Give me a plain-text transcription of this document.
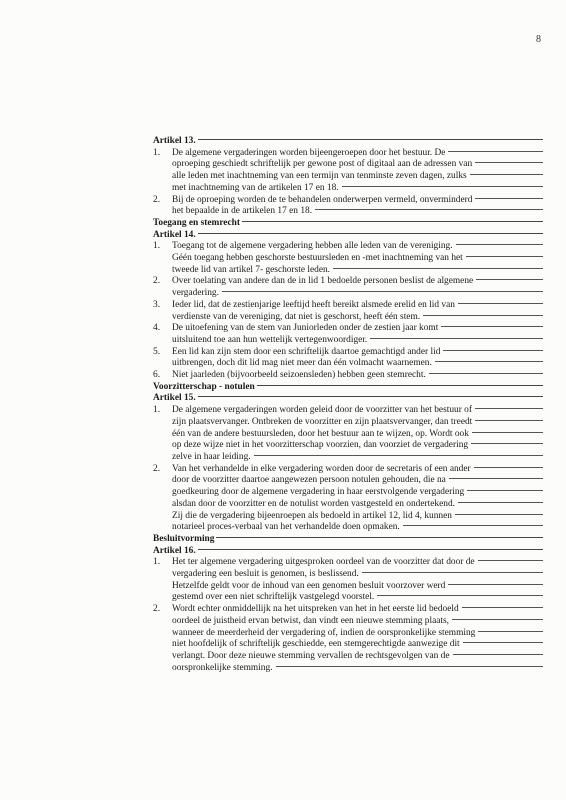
8
Artikel 13.
1.	De algemene vergaderingen worden bijeengeroepen door het bestuur. De
oproeping geschiedt schriftelijk per gewone post of digitaal aan de adressen van
alle leden met inachtneming van een termijn van tenminste zeven dagen, zulks
met inachtneming van de artikelen 17 en 18.
2.	Bij de oproeping worden de te behandelen onderwerpen vermeld, onverminderd
het bepaalde in de artikelen 17 en 18.
Toegang en stemrecht
Artikel 14.
1.	Toegang tot de algemene vergadering hebben alle leden van de vereniging.
Géén toegang hebben geschorste bestuursleden en -met inachtneming van het
tweede lid van artikel 7- geschorste leden.
2.	Over toelating van andere dan de in lid 1 bedoelde personen beslist de algemene
vergadering.
3.	Ieder lid, dat de zestienjarige leeftijd heeft bereikt alsmede erelid en lid van
verdienste van de vereniging, dat niet is geschorst, heeft één stem.
4.	De uitoefening van de stem van Juniorleden onder de zestien jaar komt
uitsluitend toe aan hun wettelijk vertegenwoordiger.
5.	Een lid kan zijn stem door een schriftelijk daartoe gemachtigd ander lid
uitbrengen, doch dit lid mag niet meer dan één volmacht waarnemen.
6.	Niet jaarleden (bijvoorbeeld seizoensleden) hebben geen stemrecht.
Voorzitterschap - notulen
Artikel 15.
1.	De algemene vergaderingen worden geleid door de voorzitter van het bestuur of
zijn plaatsvervanger. Ontbreken de voorzitter en zijn plaatsvervanger, dan treedt
één van de andere bestuursleden, door het bestuur aan te wijzen, op. Wordt ook
op deze wijze niet in het voorzitterschap voorzien, dan voorziet de vergadering
zelve in haar leiding.
2.	Van het verhandelde in elke vergadering worden door de secretaris of een ander
door de voorzitter daartoe aangewezen persoon notulen gehouden, die na
goedkeuring door de algemene vergadering in haar eerstvolgende vergadering
alsdan door de voorzitter en de notulist worden vastgesteld en ondertekend.
Zij die de vergadering bijeenroepen als bedoeld in artikel 12, lid 4, kunnen
notarieel proces-verbaal van het verhandelde doen opmaken.
Besluitvorming
Artikel 16.
1.	Het ter algemene vergadering uitgesproken oordeel van de voorzitter dat door de
vergadering een besluit is genomen, is beslissend.
Hetzelfde geldt voor de inhoud van een genomen besluit voorzover werd
gestemd over een niet schriftelijk vastgelegd voorstel.
2.	Wordt echter onmiddellijk na het uitspreken van het in het eerste lid bedoeld
oordeel de juistheid ervan betwist, dan vindt een nieuwe stemming plaats,
wanneer de meerderheid der vergadering of, indien de oorspronkelijke stemming
niet hoofdelijk of schriftelijk geschiedde, een stemgerechtigde aanwezige dit
verlangt. Door deze nieuwe stemming vervallen de rechtsgevolgen van de
oorspronkelijke stemming.
